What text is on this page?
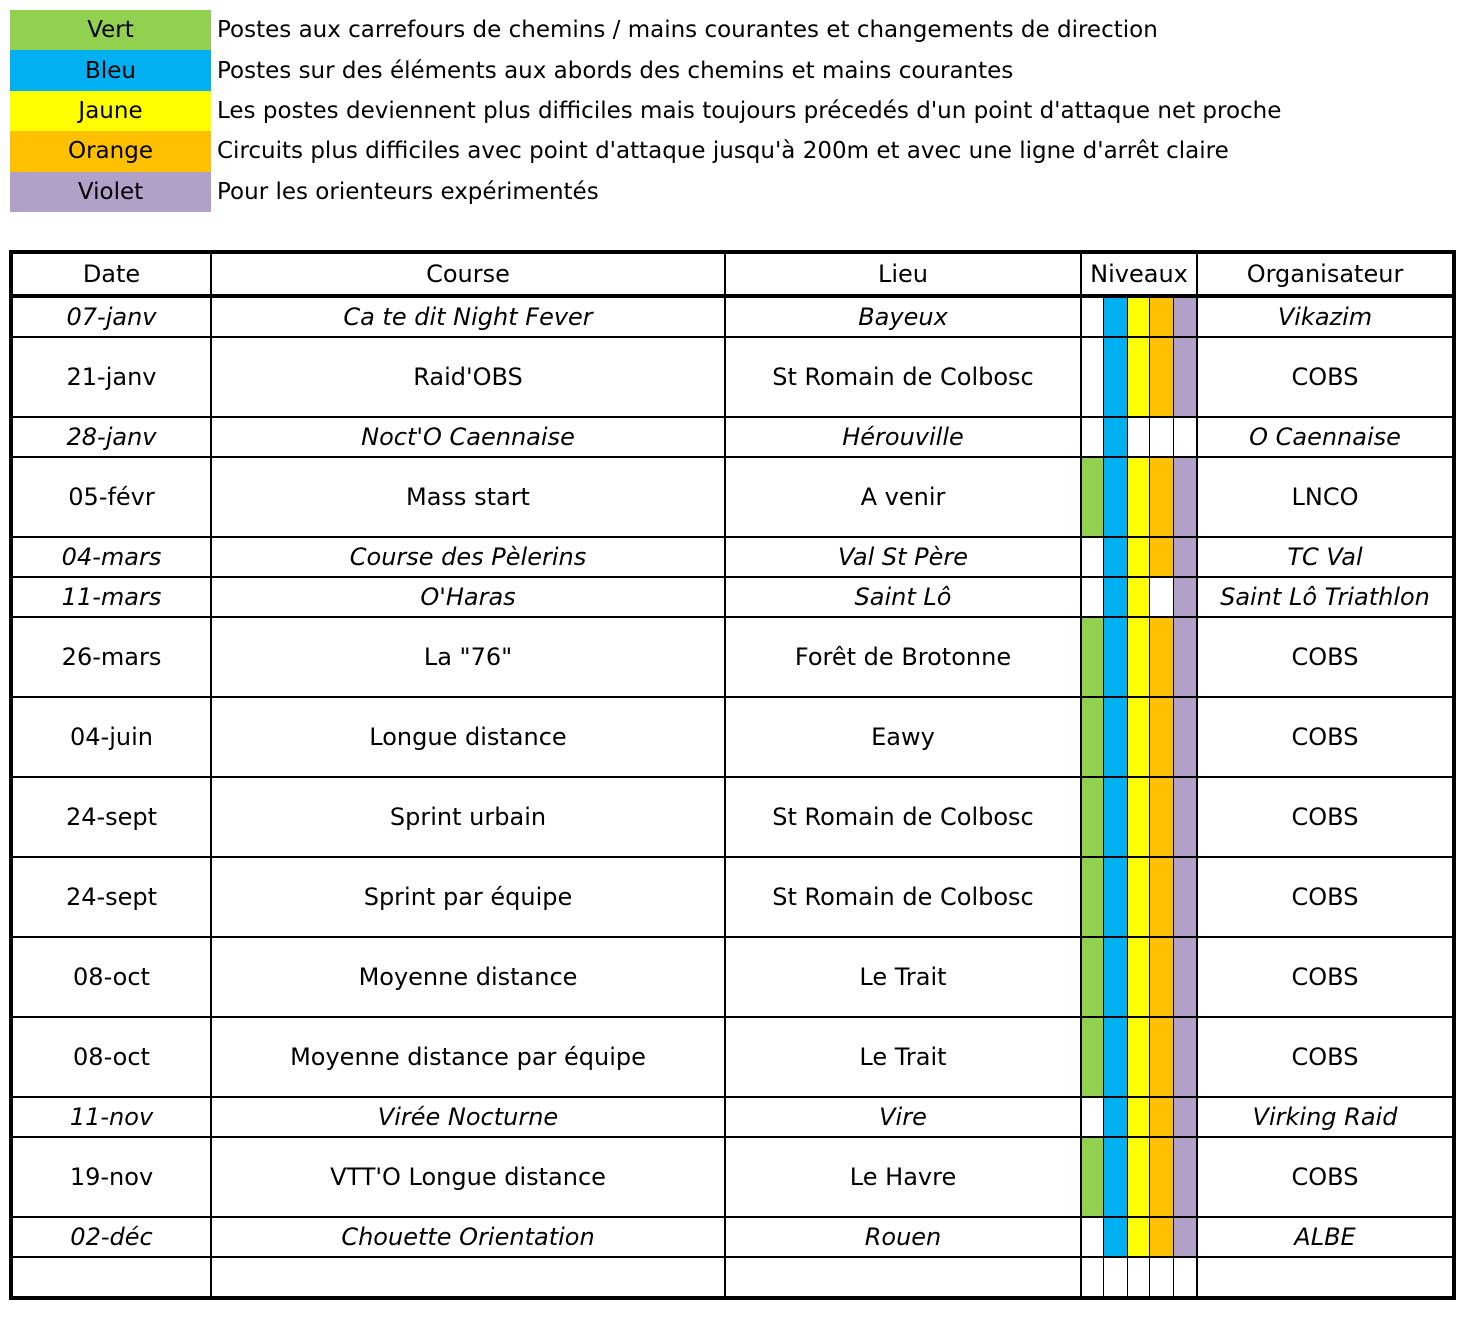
Vert	Postes aux carrefours de chemins / mains courantes et changements de direction
Bleu	Postes sur des éléments aux abords des chemins et mains courantes
Jaune	Les postes deviennent plus difficiles mais toujours précedés d'un point d'attaque net proche
Orange	Circuits plus difficiles avec point d'attaque jusqu'à 200m et avec une ligne d'arrêt claire
Violet	Pour les orienteurs expérimentés
Date	Course	Lieu	Niveaux					Organisateur
07-janv	Ca te dit Night Fever	Bayeux						Vikazim
21-janv	Raid'OBS	St Romain de Colbosc						COBS
28-janv	Noct'O Caennaise	Hérouville						O Caennaise
05-févr	Mass start	A venir						LNCO
04-mars	Course des Pèlerins	Val St Père						TC Val
11-mars	O'Haras	Saint Lô						Saint Lô Triathlon
26-mars	La "76"	Forêt de Brotonne						COBS
04-juin	Longue distance	Eawy						COBS
24-sept	Sprint urbain	St Romain de Colbosc						COBS
24-sept	Sprint par équipe	St Romain de Colbosc						COBS
08-oct	Moyenne distance	Le Trait						COBS
08-oct	Moyenne distance par équipe	Le Trait						COBS
11-nov	Virée Nocturne	Vire						Virking Raid
19-nov	VTT'O Longue distance	Le Havre						COBS
02-déc	Chouette Orientation	Rouen						ALBE
